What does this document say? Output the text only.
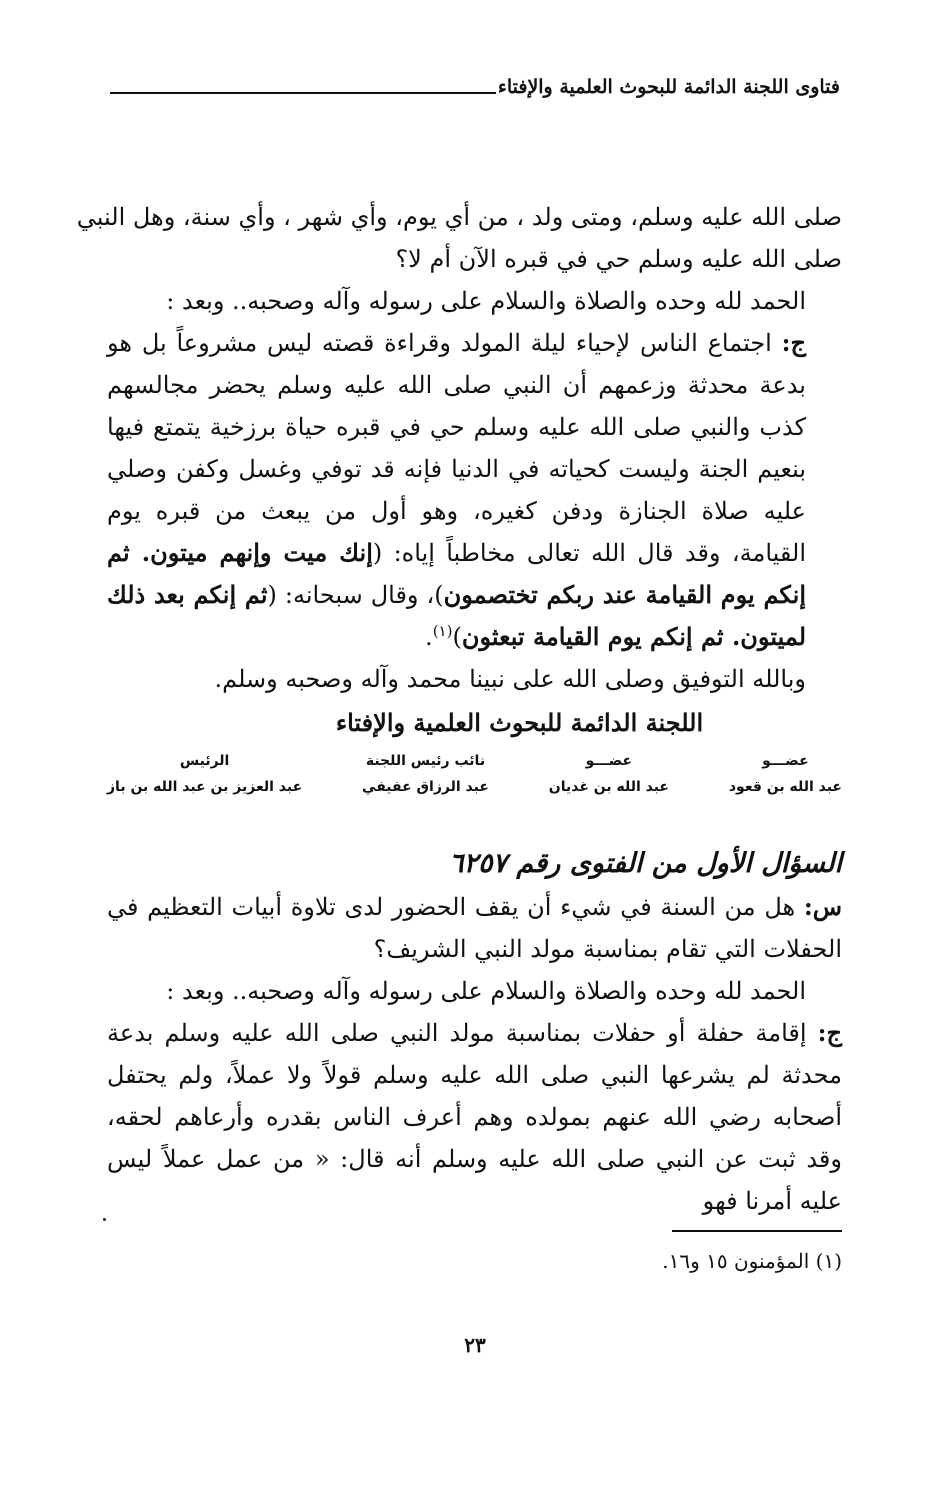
فتاوى اللجنة الدائمة للبحوث العلمية والإفتاء

صلى الله عليه وسلم، ومتى ولد ، من أي يوم، وأي شهر ، وأي سنة، وهل النبي

صلى الله عليه وسلم حي في قبره الآن أم لا؟

الحمد لله وحده والصلاة والسلام على رسوله وآله وصحبه.. وبعد :

ج: اجتماع الناس لإحياء ليلة المولد وقراءة قصته ليس مشروعاً بل هو بدعة محدثة وزعمهم أن النبي صلى الله عليه وسلم يحضر مجالسهم كذب والنبي صلى الله عليه وسلم حي في قبره حياة برزخية يتمتع فيها بنعيم الجنة وليست كحياته في الدنيا فإنه قد توفي وغسل وكفن وصلي عليه صلاة الجنازة ودفن كغيره، وهو أول من يبعث من قبره يوم القيامة، وقد قال الله تعالى مخاطباً إياه: (إنك ميت وإنهم ميتون. ثم إنكم يوم القيامة عند ربكم تختصمون)، وقال سبحانه: (ثم إنكم بعد ذلك لميتون. ثم إنكم يوم القيامة تبعثون)$^{(١)}$.

وبالله التوفيق وصلى الله على نبينا محمد وآله وصحبه وسلم.

اللجنة الدائمة للبحوث العلمية والإفتاء
عضـــو
عبد الله بن قعود
عضـــو
عبد الله بن غديان
نائب رئيس اللجنة
عبد الرزاق عفيفي
الرئيس
عبد العزيز بن عبد الله بن باز
السؤال الأول من الفتوى رقم ٦٢٥٧

س: هل من السنة في شيء أن يقف الحضور لدى تلاوة أبيات التعظيم في الحفلات التي تقام بمناسبة مولد النبي الشريف؟

الحمد لله وحده والصلاة والسلام على رسوله وآله وصحبه.. وبعد :

ج: إقامة حفلة أو حفلات بمناسبة مولد النبي صلى الله عليه وسلم بدعة محدثة لم يشرعها النبي صلى الله عليه وسلم قولاً ولا عملاً، ولم يحتفل أصحابه رضي الله عنهم بمولده وهم أعرف الناس بقدره وأرعاهم لحقه، وقد ثبت عن النبي صلى الله عليه وسلم أنه قال: « من عمل عملاً ليس عليه أمرنا فهو

(١) المؤمنون ١٥ و١٦.
٢٣
